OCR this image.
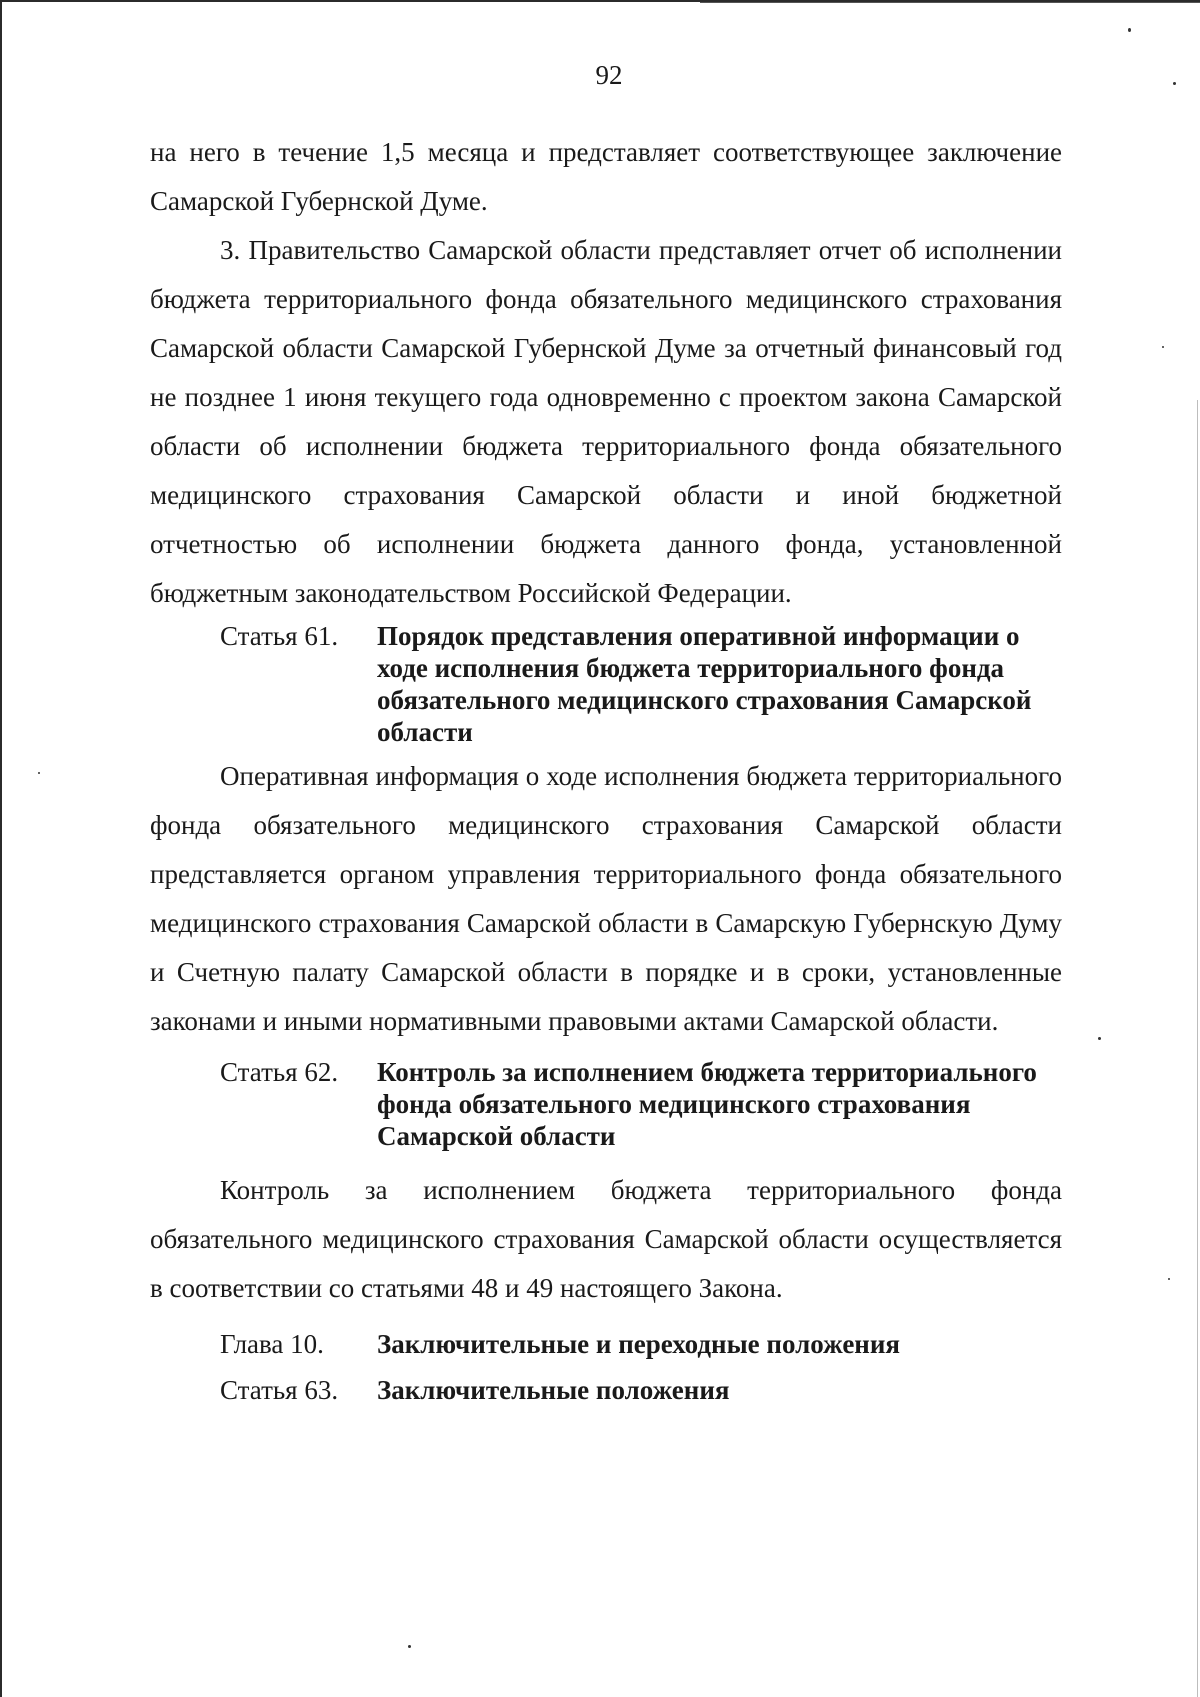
92

на него в течение 1,5 месяца и представляет соответствующее заключение Самарской Губернской Думе.

3. Правительство Самарской области представляет отчет об исполнении бюджета территориального фонда обязательного медицинского страхования Самарской области Самарской Губернской Думе за отчетный финансовый год не позднее 1 июня текущего года одновременно с проектом закона Самарской области об исполнении бюджета территориального фонда обязательного медицинского страхования Самарской области и иной бюджетной отчетностью об исполнении бюджета данного фонда, установленной бюджетным законодательством Российской Федерации.

Статья 61.	Порядок представления оперативной информации о ходе исполнения бюджета территориального фонда обязательного медицинского страхования Самарской области

Оперативная информация о ходе исполнения бюджета территориального фонда обязательного медицинского страхования Самарской области представляется органом управления территориального фонда обязательного медицинского страхования Самарской области в Самарскую Губернскую Думу и Счетную палату Самарской области в порядке и в сроки, установленные законами и иными нормативными правовыми актами Самарской области.

Статья 62.	Контроль за исполнением бюджета территориального фонда обязательного медицинского страхования Самарской области

Контроль за исполнением бюджета территориального фонда обязательного медицинского страхования Самарской области осуществляется в соответствии со статьями 48 и 49 настоящего Закона.

Глава 10.	Заключительные и переходные положения
Статья 63.	Заключительные положения
